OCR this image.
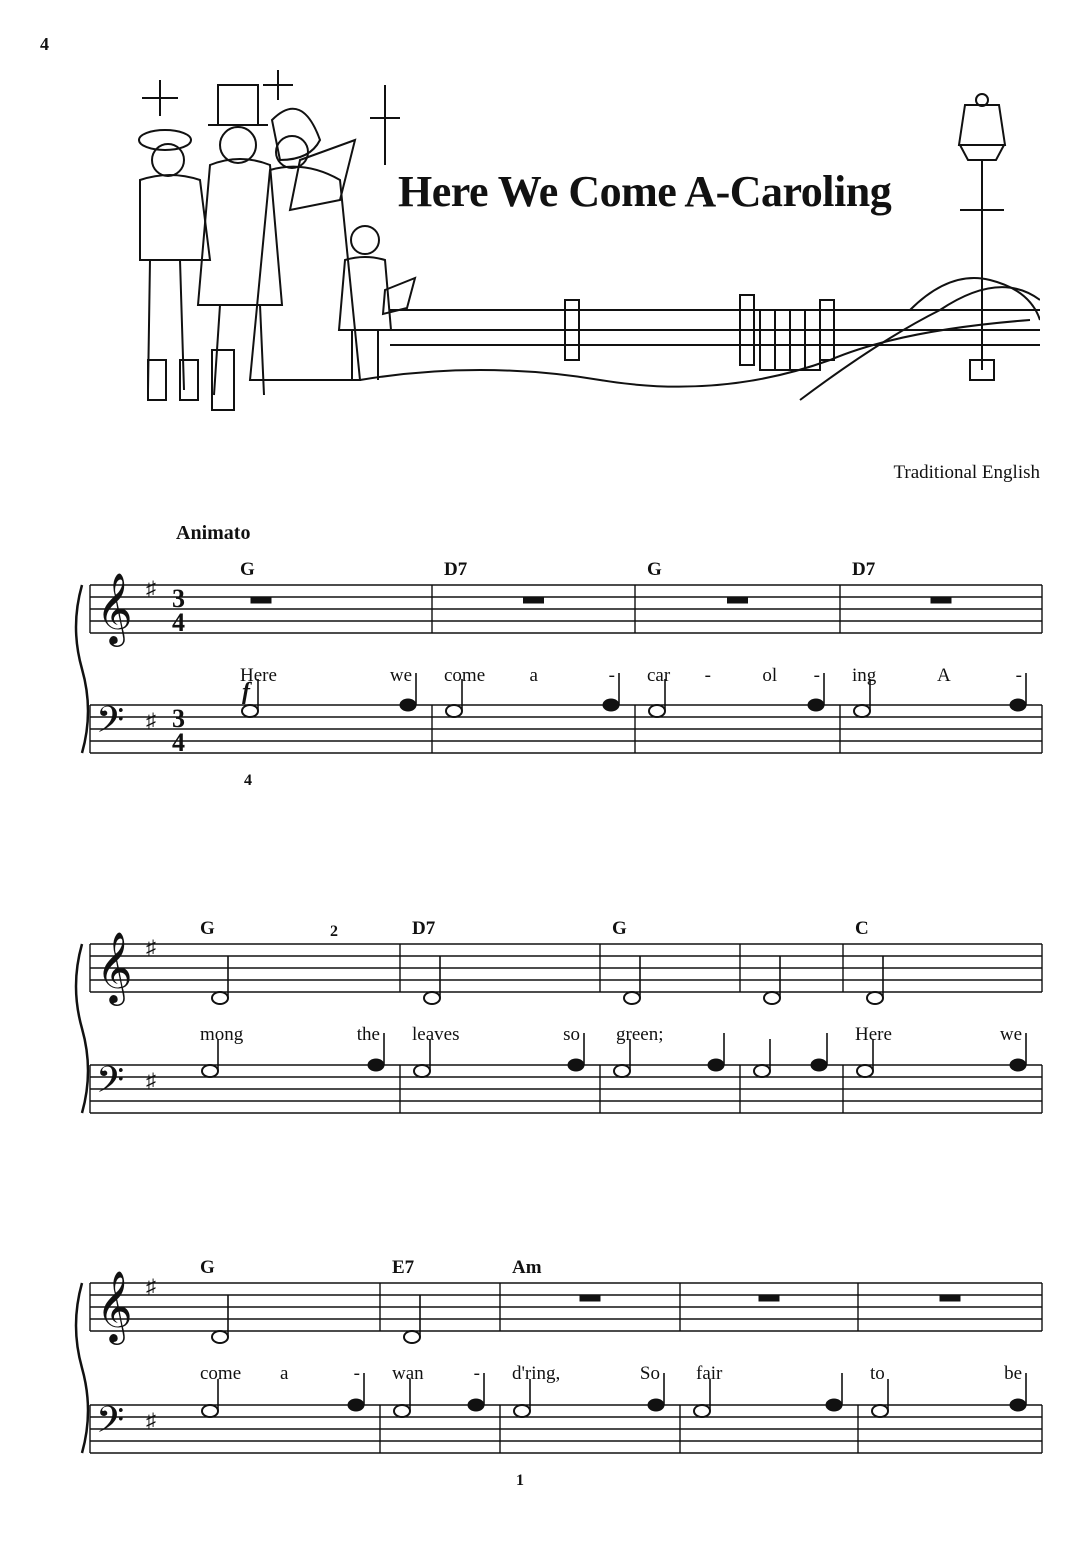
4
Here We Come A-Caroling
Traditional English
Animato
𝄞
𝄢
♯
♯
3
4
3
4
G
Here	we
f
4
D7
come a	-
G
car -	ol -
D7
ing	A	-
𝄞
𝄢
♯
♯
G
mong	the
2	D7
leaves	so
G
green;
C
Here	we
𝄞
𝄢
♯
♯
G
come a	-
E7
wan	-
Am
d'ring,	So
1
fair	to	be
